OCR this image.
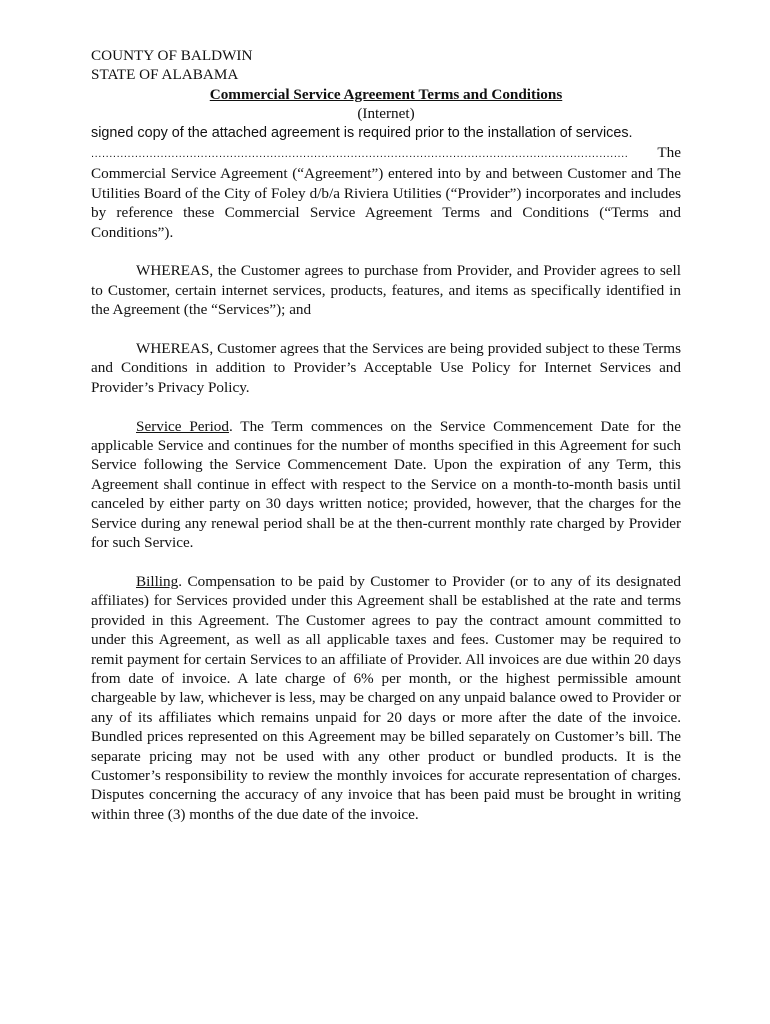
COUNTY OF BALDWIN

STATE OF ALABAMA

Commercial Service Agreement Terms and Conditions

(Internet)

signed copy of the attached agreement is required prior to the installation of services.

...................................................................................................................................................	The

Commercial Service Agreement (“Agreement”) entered into by and between Customer and The Utilities Board of the City of Foley d/b/a Riviera Utilities (“Provider”) incorporates and includes by reference these Commercial Service Agreement Terms and Conditions (“Terms and Conditions”).

WHEREAS, the Customer agrees to purchase from Provider, and Provider agrees to sell to Customer, certain internet services, products, features, and items as specifically identified in the Agreement (the “Services”); and

WHEREAS, Customer agrees that the Services are being provided subject to these Terms and Conditions in addition to Provider’s Acceptable Use Policy for Internet Services and Provider’s Privacy Policy.

Service Period. The Term commences on the Service Commencement Date for the applicable Service and continues for the number of months specified in this Agreement for such Service following the Service Commencement Date. Upon the expiration of any Term, this Agreement shall continue in effect with respect to the Service on a month-to-month basis until canceled by either party on 30 days written notice; provided, however, that the charges for the Service during any renewal period shall be at the then-current monthly rate charged by Provider for such Service.

Billing. Compensation to be paid by Customer to Provider (or to any of its designated affiliates) for Services provided under this Agreement shall be established at the rate and terms provided in this Agreement. The Customer agrees to pay the contract amount committed to under this Agreement, as well as all applicable taxes and fees. Customer may be required to remit payment for certain Services to an affiliate of Provider. All invoices are due within 20 days from date of invoice. A late charge of 6% per month, or the highest permissible amount chargeable by law, whichever is less, may be charged on any unpaid balance owed to Provider or any of its affiliates which remains unpaid for 20 days or more after the date of the invoice. Bundled prices represented on this Agreement may be billed separately on Customer’s bill. The separate pricing may not be used with any other product or bundled products. It is the Customer’s responsibility to review the monthly invoices for accurate representation of charges. Disputes concerning the accuracy of any invoice that has been paid must be brought in writing within three (3) months of the due date of the invoice.
